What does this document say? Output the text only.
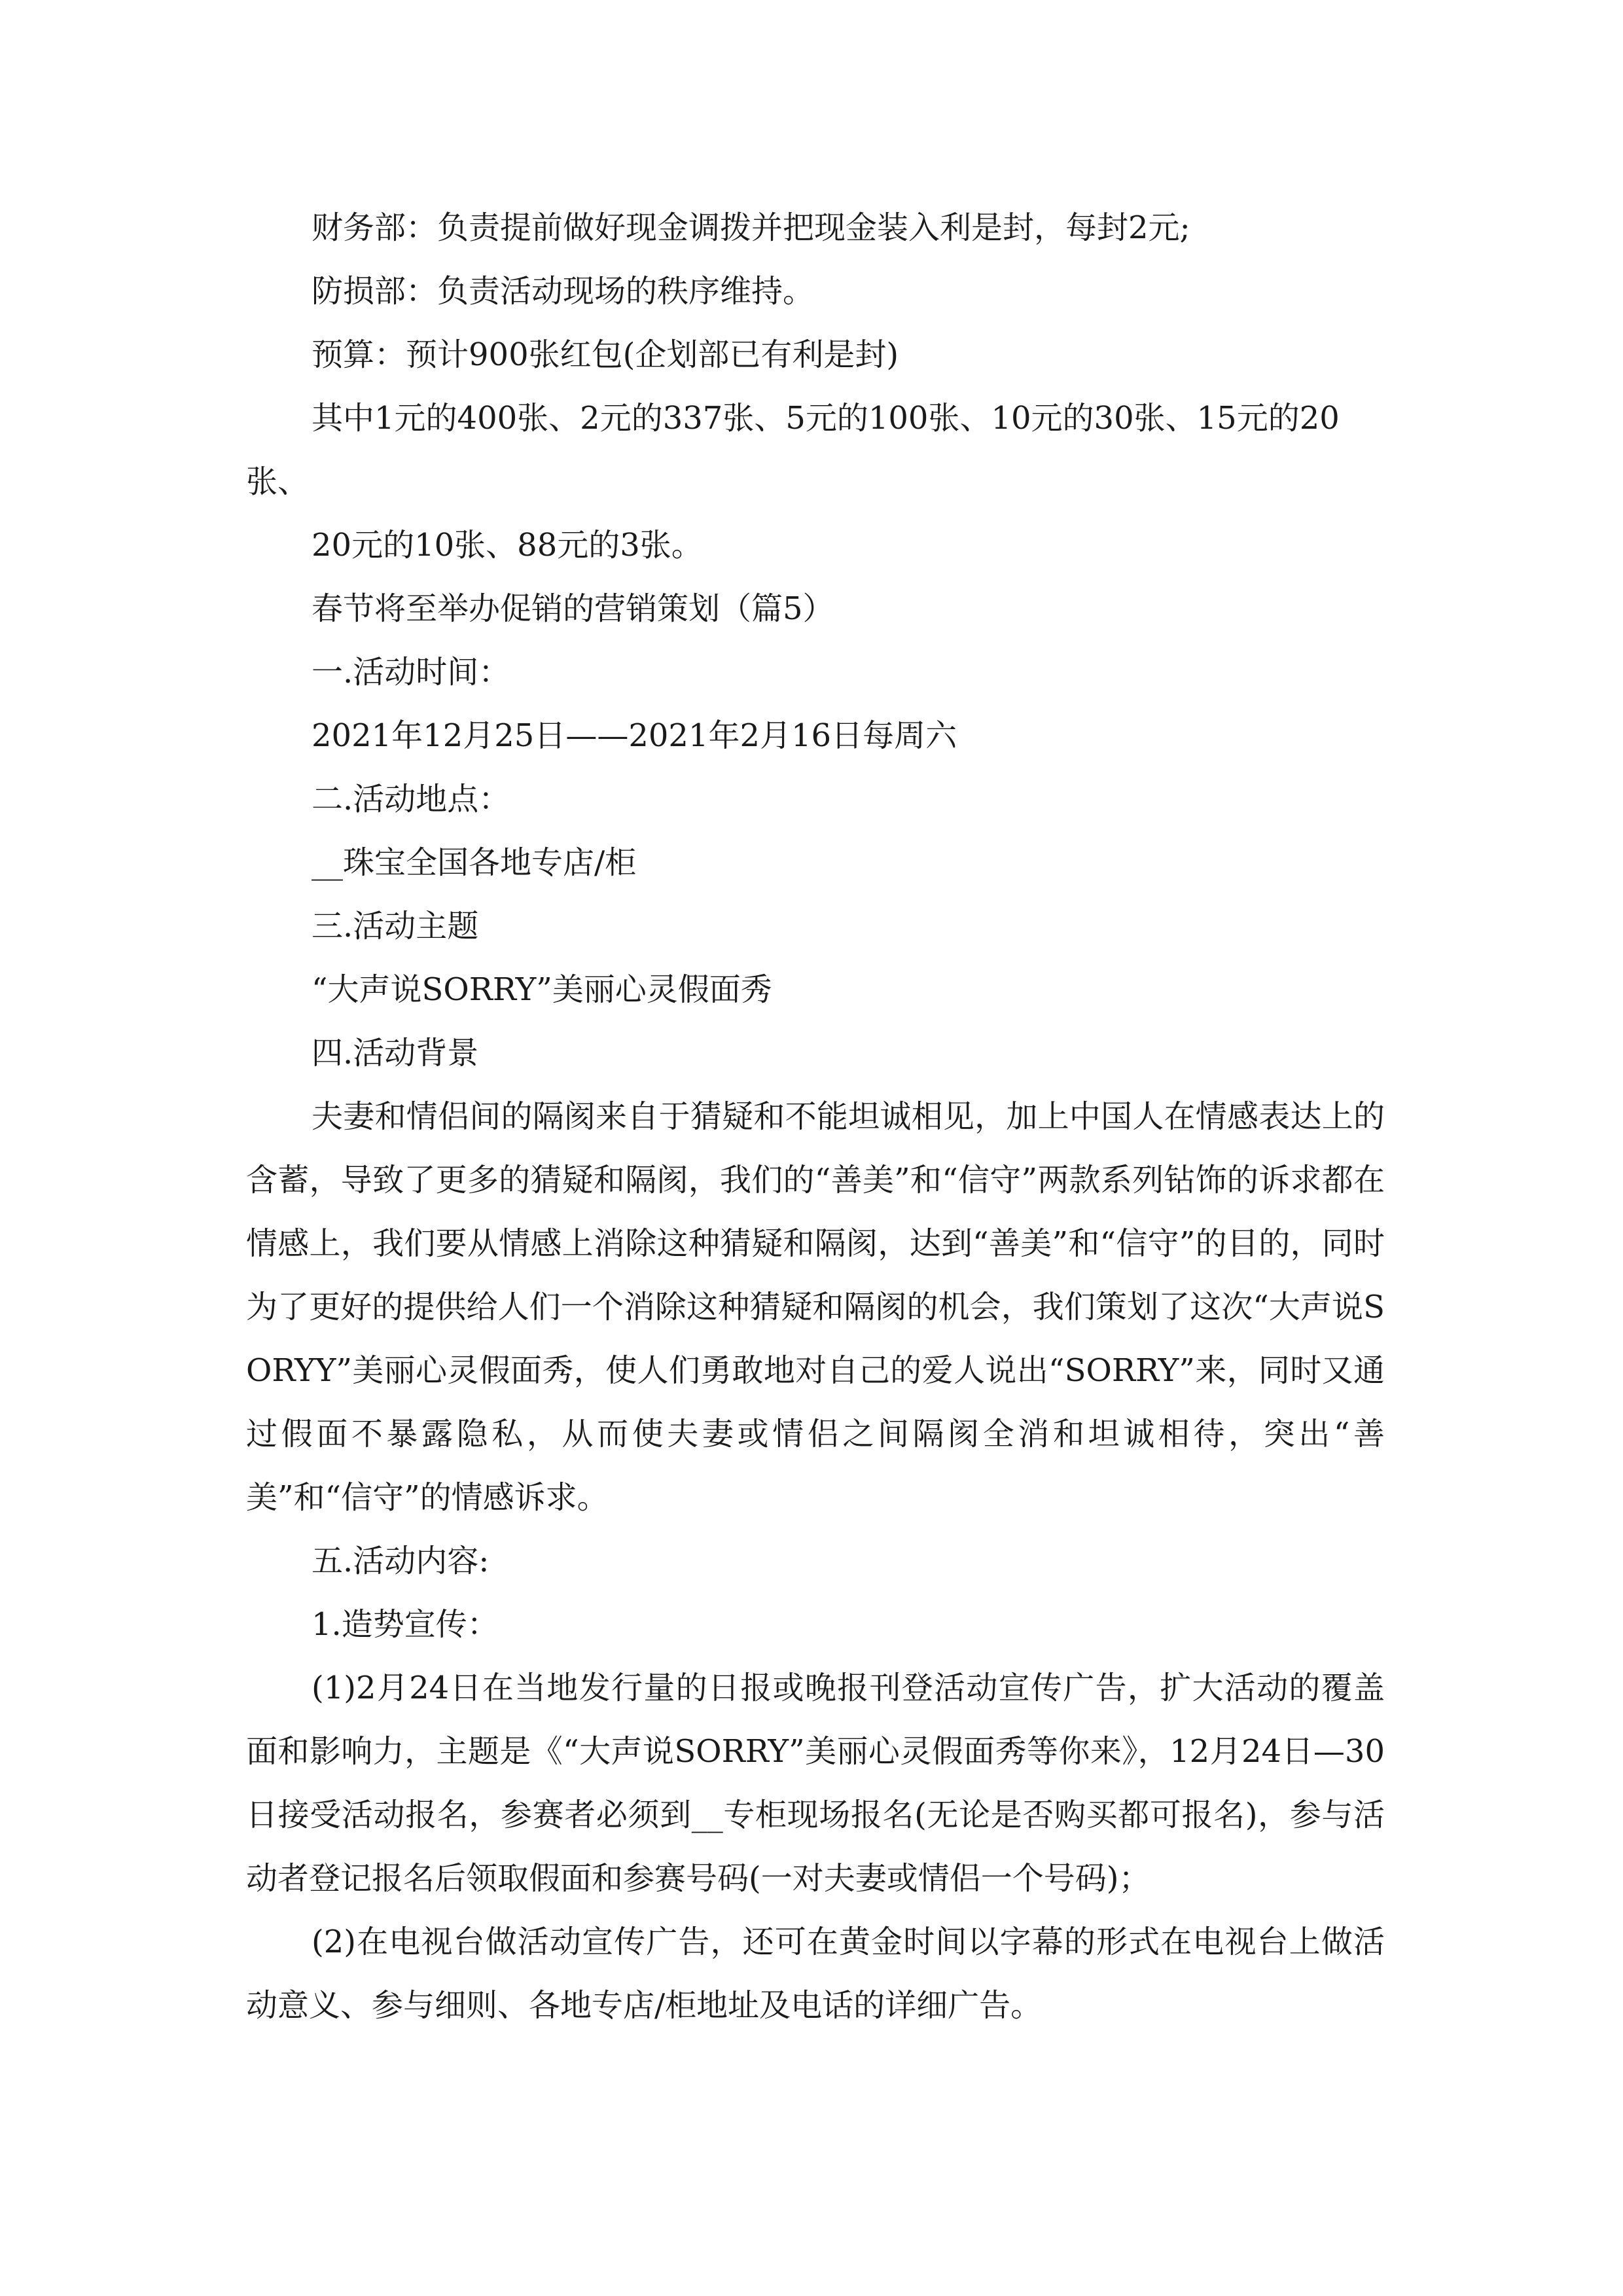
财务部：负责提前做好现金调拨并把现金装入利是封，每封2元;

防损部：负责活动现场的秩序维持。

预算：预计900张红包(企划部已有利是封)

其中1元的400张、2元的337张、5元的100张、10元的30张、15元的20张、

20元的10张、88元的3张。

春节将至举办促销的营销策划（篇5）

一.活动时间：

2021年12月25日——2021年2月16日每周六

二.活动地点：

__珠宝全国各地专店/柜

三.活动主题

“大声说SORRY”美丽心灵假面秀

四.活动背景

夫妻和情侣间的隔阂来自于猜疑和不能坦诚相见，加上中国人在情感表达上的含蓄，导致了更多的猜疑和隔阂，我们的“善美”和“信守”两款系列钻饰的诉求都在情感上，我们要从情感上消除这种猜疑和隔阂，达到“善美”和“信守”的目的，同时为了更好的提供给人们一个消除这种猜疑和隔阂的机会，我们策划了这次“大声说SORYY”美丽心灵假面秀，使人们勇敢地对自己的爱人说出“SORRY”来，同时又通过假面不暴露隐私，从而使夫妻或情侣之间隔阂全消和坦诚相待，突出“善美”和“信守”的情感诉求。

五.活动内容:

1.造势宣传：

(1)2月24日在当地发行量的日报或晚报刊登活动宣传广告，扩大活动的覆盖面和影响力，主题是《“大声说SORRY”美丽心灵假面秀等你来》，12月24日—30日接受活动报名，参赛者必须到__专柜现场报名(无论是否购买都可报名)，参与活动者登记报名后领取假面和参赛号码(一对夫妻或情侣一个号码)；

(2)在电视台做活动宣传广告，还可在黄金时间以字幕的形式在电视台上做活动意义、参与细则、各地专店/柜地址及电话的详细广告。
